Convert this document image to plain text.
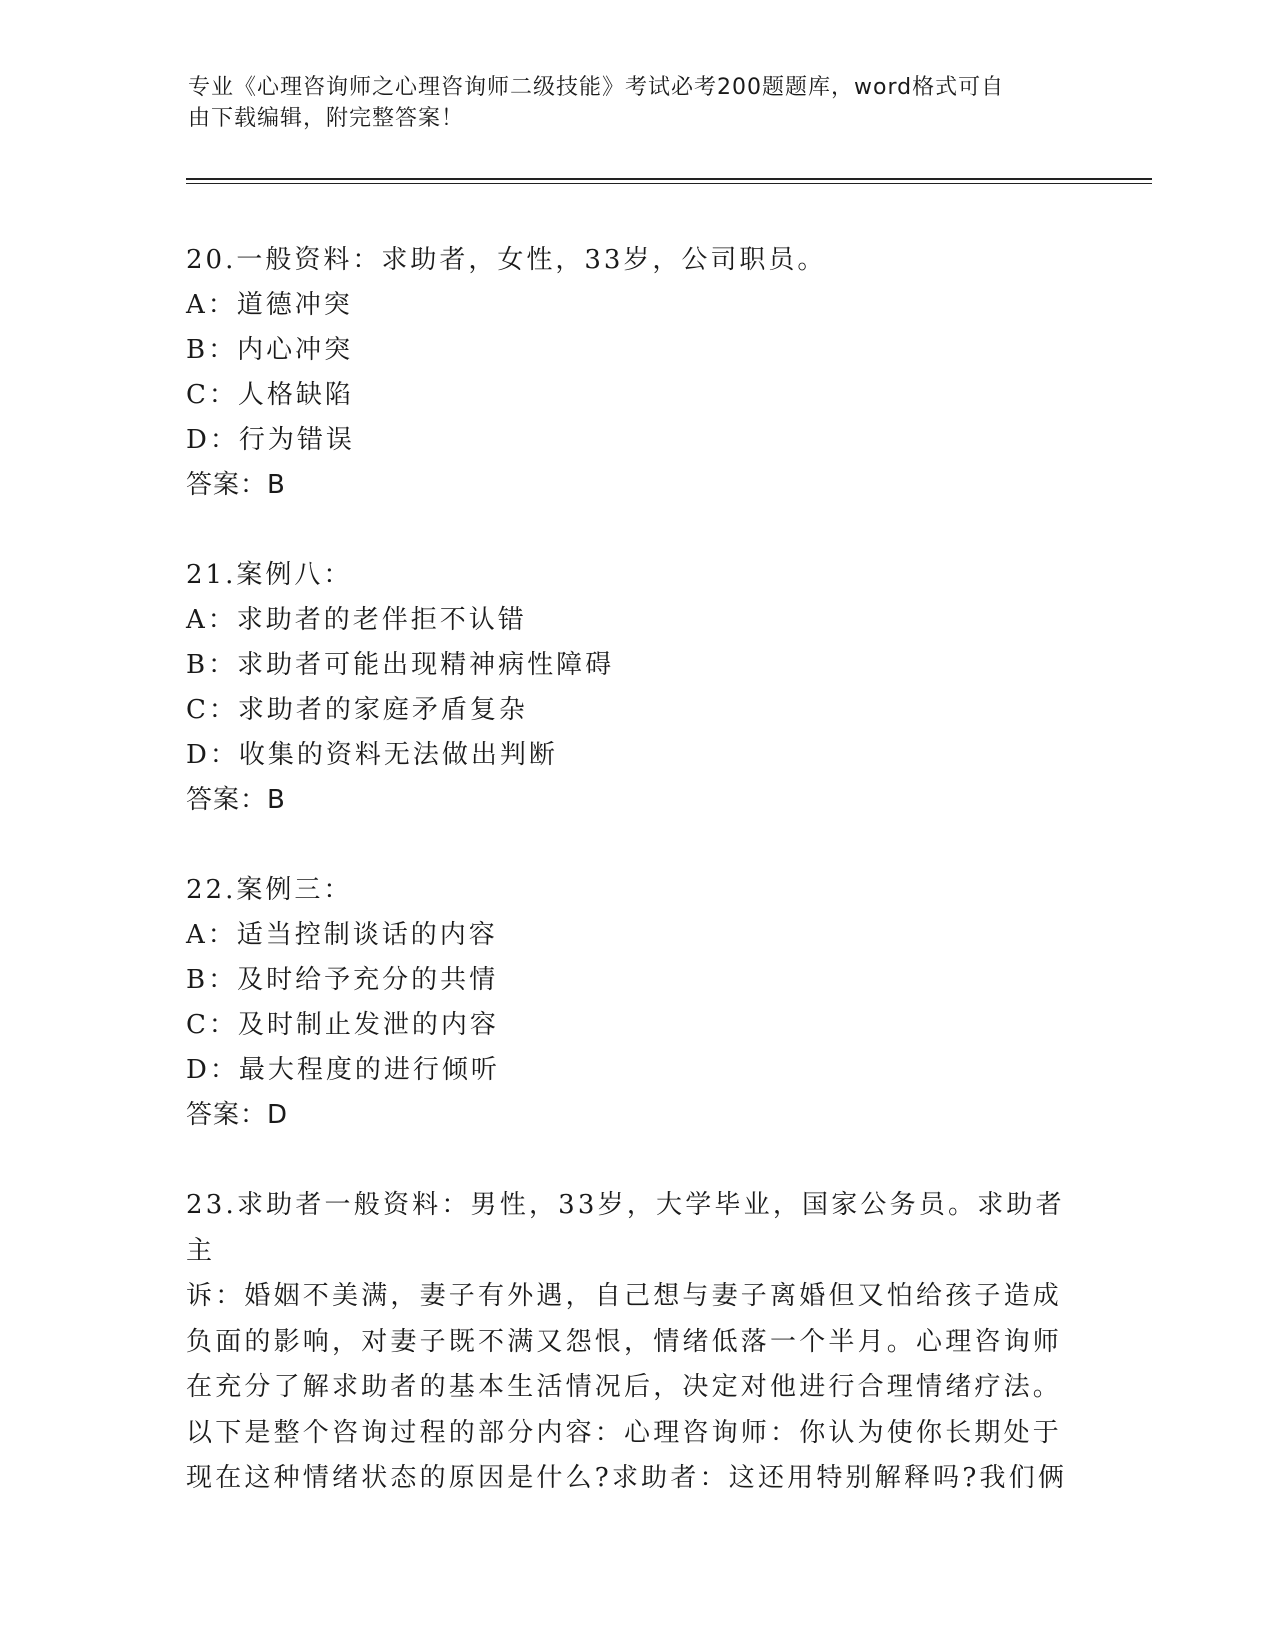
专业《心理咨询师之心理咨询师二级技能》考试必考200题题库，word格式可自
由下载编辑，附完整答案！
20.一般资料：求助者，女性，33岁，公司职员。
A：道德冲突
B：内心冲突
C：人格缺陷
D：行为错误
答案：B
21.案例八：
A：求助者的老伴拒不认错
B：求助者可能出现精神病性障碍
C：求助者的家庭矛盾复杂
D：收集的资料无法做出判断
答案：B
22.案例三：
A：适当控制谈话的内容
B：及时给予充分的共情
C：及时制止发泄的内容
D：最大程度的进行倾听
答案：D
23.求助者一般资料：男性，33岁，大学毕业，国家公务员。求助者主
诉：婚姻不美满，妻子有外遇，自己想与妻子离婚但又怕给孩子造成
负面的影响，对妻子既不满又怨恨，情绪低落一个半月。心理咨询师
在充分了解求助者的基本生活情况后，决定对他进行合理情绪疗法。
以下是整个咨询过程的部分内容：心理咨询师：你认为使你长期处于
现在这种情绪状态的原因是什么?求助者：这还用特别解释吗?我们俩
